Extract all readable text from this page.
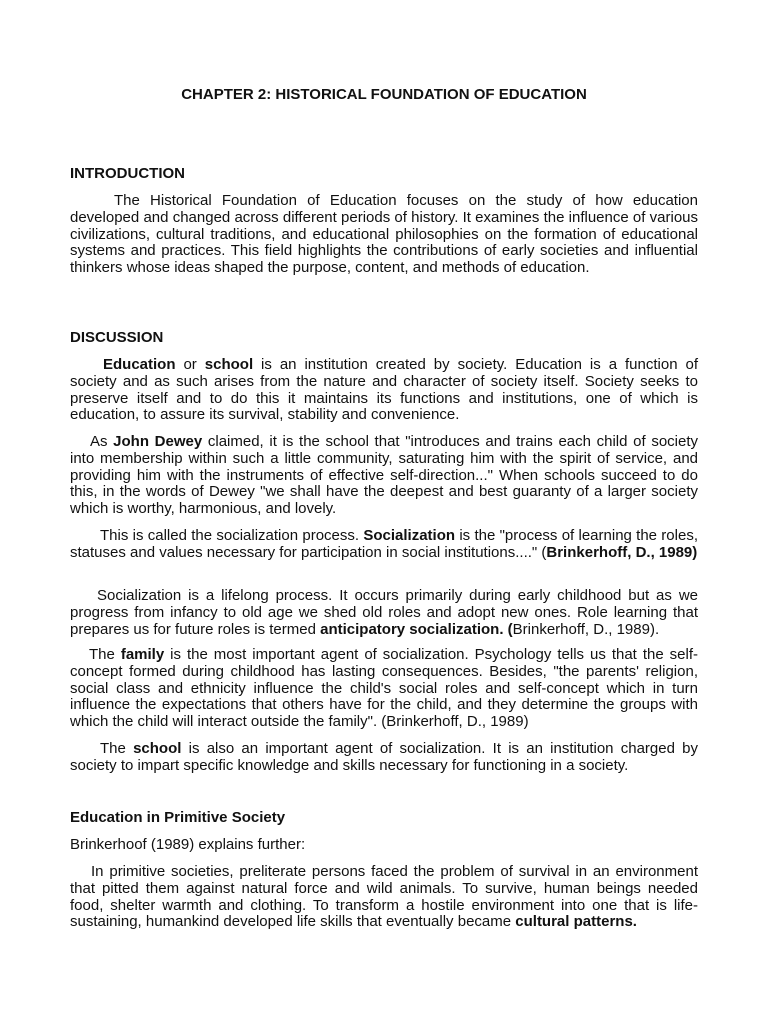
CHAPTER 2: HISTORICAL FOUNDATION OF EDUCATION
INTRODUCTION

The Historical Foundation of Education focuses on the study of how education developed and changed across different periods of history. It examines the influence of various civilizations, cultural traditions, and educational philosophies on the formation of educational systems and practices. This field highlights the contributions of early societies and influential thinkers whose ideas shaped the purpose, content, and methods of education.

DISCUSSION

Education or school is an institution created by society. Education is a function of society and as such arises from the nature and character of society itself. Society seeks to preserve itself and to do this it maintains its functions and institutions, one of which is education, to assure its survival, stability and convenience.

As John Dewey claimed, it is the school that "introduces and trains each child of society into membership within such a little community, saturating him with the spirit of service, and providing him with the instruments of effective self-direction..." When schools succeed to do this, in the words of Dewey "we shall have the deepest and best guaranty of a larger society which is worthy, harmonious, and lovely.

This is called the socialization process. Socialization is the "process of learning the roles, statuses and values necessary for participation in social institutions...." (Brinkerhoff, D., 1989)

Socialization is a lifelong process. It occurs primarily during early childhood but as we progress from infancy to old age we shed old roles and adopt new ones. Role learning that prepares us for future roles is termed anticipatory socialization. (Brinkerhoff, D., 1989).

The family is the most important agent of socialization. Psychology tells us that the self-concept formed during childhood has lasting consequences. Besides, "the parents' religion, social class and ethnicity influence the child's social roles and self-concept which in turn influence the expectations that others have for the child, and they determine the groups with which the child will interact outside the family". (Brinkerhoff, D., 1989)

The school is also an important agent of socialization. It is an institution charged by society to impart specific knowledge and skills necessary for functioning in a society.

Education in Primitive Society

Brinkerhoof (1989) explains further:

In primitive societies, preliterate persons faced the problem of survival in an environment that pitted them against natural force and wild animals. To survive, human beings needed food, shelter warmth and clothing. To transform a hostile environment into one that is life-sustaining, humankind developed life skills that eventually became cultural patterns.
